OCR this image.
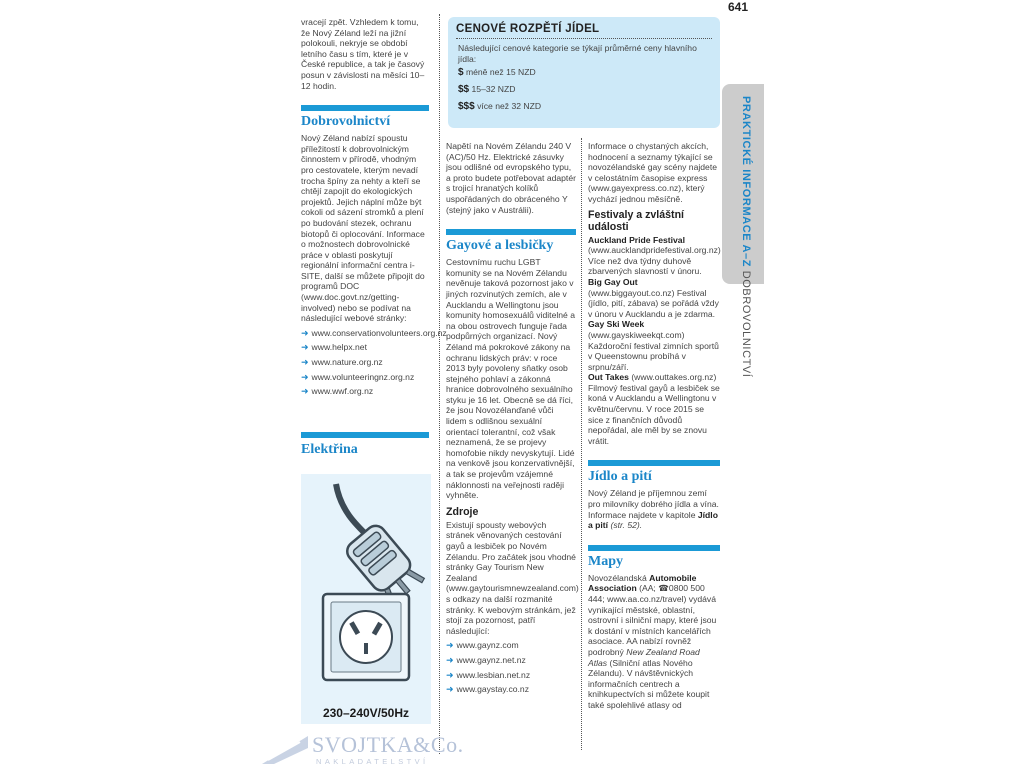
641

vracejí zpět. Vzhledem k tomu, že Nový Zéland leží na jižní polokouli, nekryje se období letního času s tím, které je v České republice, a tak je časový posun v závislosti na měsíci 10–12 hodin.

Dobrovolnictví

Nový Zéland nabízí spoustu příležitostí k dobrovolnickým činnostem v přírodě, vhodným pro cestovatele, kterým nevadí trocha špíny za nehty a kteří se chtějí zapojit do ekologických projektů. Jejich náplní může být cokoli od sázení stromků a plení po budování stezek, ochranu biotopů či oplocování. Informace o možnostech dobrovolnické práce v oblasti poskytují regionální informační centra i-SITE, další se můžete připojit do programů DOC (www.doc.govt.nz/getting-involved) nebo se podívat na následující webové stránky:

➜ www.conservationvolunteers.org.nz
➜ www.helpx.net
➜ www.nature.org.nz
➜ www.volunteeringnz.org.nz
➜ www.wwf.org.nz
Elektřina
230–240V/50Hz
CENOVÉ ROZPĚTÍ JÍDEL
Následující cenové kategorie se týkají průměrné ceny hlavního jídla:
$ méně než 15 NZD
$$ 15–32 NZD
$$$ více než 32 NZD

Napětí na Novém Zélandu 240 V (AC)/50 Hz. Elektrické zásuvky jsou odlišné od evropského typu, a proto budete potřebovat adaptér s trojicí hranatých kolíků uspořádaných do obráceného Y (stejný jako v Austrálii).

Gayové a lesbičky

Cestovnímu ruchu LGBT komunity se na Novém Zélandu nevěnuje taková pozornost jako v jiných rozvinutých zemích, ale v Aucklandu a Wellingtonu jsou komunity homosexuálů viditelné a na obou ostrovech funguje řada podpůrných organizací. Nový Zéland má pokrokové zákony na ochranu lidských práv: v roce 2013 byly povoleny sňatky osob stejného pohlaví a zákonná hranice dobrovolného sexuálního styku je 16 let. Obecně se dá říci, že jsou Novozélanďané vůči lidem s odlišnou sexuální orientací tolerantní, což však neznamená, že se projevy homofobie nikdy nevyskytují. Lidé na venkově jsou konzervativnější, a tak se projevům vzájemné náklonnosti na veřejnosti raději vyhněte.

Zdroje

Existují spousty webových stránek věnovaných cestování gayů a lesbiček po Novém Zélandu. Pro začátek jsou vhodné stránky Gay Tourism New Zealand (www.gaytourismnewzealand.com) s odkazy na další rozmanité stránky. K webovým stránkám, jež stojí za pozornost, patří následující:

➜ www.gaynz.com
➜ www.gaynz.net.nz
➜ www.lesbian.net.nz
➜ www.gaystay.co.nz

Informace o chystaných akcích, hodnocení a seznamy týkající se novozélandské gay scény najdete v celostátním časopise express (www.gayexpress.co.nz), který vychází jednou měsíčně.

Festivaly a zvláštní události

Auckland Pride Festival (www.aucklandpridefestival.org.nz) Více než dva týdny duhově zbarvených slavností v únoru.

Big Gay Out (www.biggayout.co.nz) Festival (jídlo, pití, zábava) se pořádá vždy v únoru v Aucklandu a je zdarma.

Gay Ski Week (www.gayskiweekqt.com) Každoroční festival zimních sportů v Queenstownu probíhá v srpnu/září.

Out Takes (www.outtakes.org.nz) Filmový festival gayů a lesbiček se koná v Aucklandu a Wellingtonu v květnu/červnu. V roce 2015 se sice z finančních důvodů nepořádal, ale měl by se znovu vrátit.

Jídlo a pití

Nový Zéland je příjemnou zemí pro milovníky dobrého jídla a vína. Informace najdete v kapitole Jídlo a pití (str. 52).

Mapy

Novozélandská Automobile Association (AA; ☎0800 500 444; www.aa.co.nz/travel) vydává vynikající městské, oblastní, ostrovní i silniční mapy, které jsou k dostání v místních kancelářích asociace. AA nabízí rovněž podrobný New Zealand Road Atlas (Silniční atlas Nového Zélandu). V návštěvnických informačních centrech a knihkupectvích si můžete koupit také spolehlivé atlasy od

PRAKTICKÉ INFORMACE A–Z DOBROVOLNICTVÍ
SVOJTKA&Co.
NAKLADATELSTVÍ
